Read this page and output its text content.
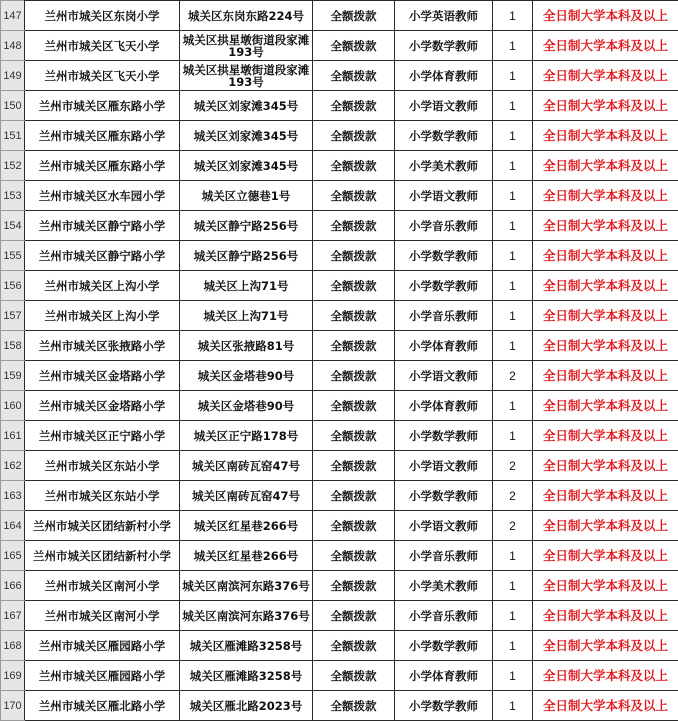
147	兰州市城关区东岗小学	城关区东岗东路224号	全额拨款	小学英语教师	1	全日制大学本科及以上
148	兰州市城关区飞天小学	城关区拱星墩街道段家滩193号	全额拨款	小学数学教师	1	全日制大学本科及以上
149	兰州市城关区飞天小学	城关区拱星墩街道段家滩193号	全额拨款	小学体育教师	1	全日制大学本科及以上
150	兰州市城关区雁东路小学	城关区刘家滩345号	全额拨款	小学语文教师	1	全日制大学本科及以上
151	兰州市城关区雁东路小学	城关区刘家滩345号	全额拨款	小学数学教师	1	全日制大学本科及以上
152	兰州市城关区雁东路小学	城关区刘家滩345号	全额拨款	小学美术教师	1	全日制大学本科及以上
153	兰州市城关区水车园小学	城关区立德巷1号	全额拨款	小学语文教师	1	全日制大学本科及以上
154	兰州市城关区静宁路小学	城关区静宁路256号	全额拨款	小学音乐教师	1	全日制大学本科及以上
155	兰州市城关区静宁路小学	城关区静宁路256号	全额拨款	小学数学教师	1	全日制大学本科及以上
156	兰州市城关区上沟小学	城关区上沟71号	全额拨款	小学数学教师	1	全日制大学本科及以上
157	兰州市城关区上沟小学	城关区上沟71号	全额拨款	小学音乐教师	1	全日制大学本科及以上
158	兰州市城关区张掖路小学	城关区张掖路81号	全额拨款	小学体育教师	1	全日制大学本科及以上
159	兰州市城关区金塔路小学	城关区金塔巷90号	全额拨款	小学语文教师	2	全日制大学本科及以上
160	兰州市城关区金塔路小学	城关区金塔巷90号	全额拨款	小学体育教师	1	全日制大学本科及以上
161	兰州市城关区正宁路小学	城关区正宁路178号	全额拨款	小学数学教师	1	全日制大学本科及以上
162	兰州市城关区东站小学	城关区南砖瓦窑47号	全额拨款	小学语文教师	2	全日制大学本科及以上
163	兰州市城关区东站小学	城关区南砖瓦窑47号	全额拨款	小学数学教师	2	全日制大学本科及以上
164	兰州市城关区团结新村小学	城关区红星巷266号	全额拨款	小学语文教师	2	全日制大学本科及以上
165	兰州市城关区团结新村小学	城关区红星巷266号	全额拨款	小学音乐教师	1	全日制大学本科及以上
166	兰州市城关区南河小学	城关区南滨河东路376号	全额拨款	小学美术教师	1	全日制大学本科及以上
167	兰州市城关区南河小学	城关区南滨河东路376号	全额拨款	小学音乐教师	1	全日制大学本科及以上
168	兰州市城关区雁园路小学	城关区雁滩路3258号	全额拨款	小学数学教师	1	全日制大学本科及以上
169	兰州市城关区雁园路小学	城关区雁滩路3258号	全额拨款	小学体育教师	1	全日制大学本科及以上
170	兰州市城关区雁北路小学	城关区雁北路2023号	全额拨款	小学数学教师	1	全日制大学本科及以上
